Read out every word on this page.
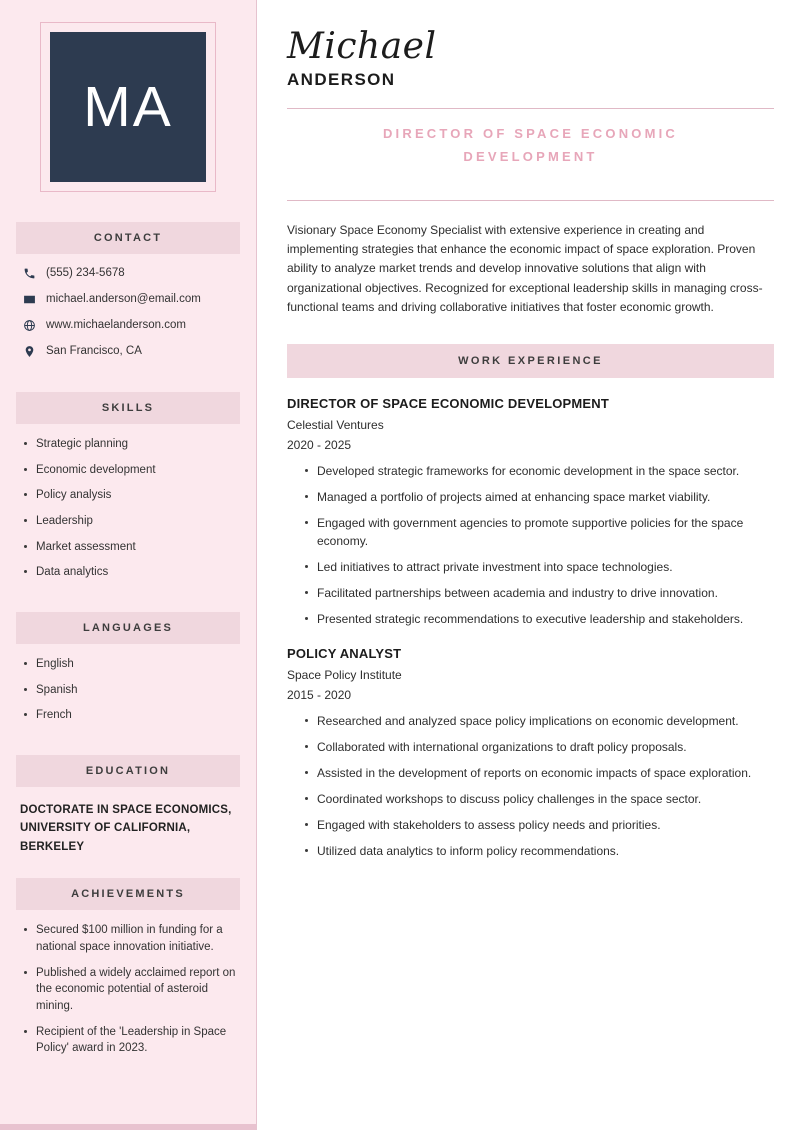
MA
CONTACT
(555) 234-5678
michael.anderson@email.com
www.michaelanderson.com
San Francisco, CA
SKILLS
Strategic planning
Economic development
Policy analysis
Leadership
Market assessment
Data analytics
LANGUAGES
English
Spanish
French
EDUCATION
DOCTORATE IN SPACE ECONOMICS, UNIVERSITY OF CALIFORNIA, BERKELEY
ACHIEVEMENTS
Secured $100 million in funding for a national space innovation initiative.
Published a widely acclaimed report on the economic potential of asteroid mining.
Recipient of the 'Leadership in Space Policy' award in 2023.
Michael
ANDERSON
DIRECTOR OF SPACE ECONOMIC DEVELOPMENT

Visionary Space Economy Specialist with extensive experience in creating and implementing strategies that enhance the economic impact of space exploration. Proven ability to analyze market trends and develop innovative solutions that align with organizational objectives. Recognized for exceptional leadership skills in managing cross-functional teams and driving collaborative initiatives that foster economic growth.

WORK EXPERIENCE
DIRECTOR OF SPACE ECONOMIC DEVELOPMENT
Celestial Ventures
2020 - 2025
Developed strategic frameworks for economic development in the space sector.
Managed a portfolio of projects aimed at enhancing space market viability.
Engaged with government agencies to promote supportive policies for the space economy.
Led initiatives to attract private investment into space technologies.
Facilitated partnerships between academia and industry to drive innovation.
Presented strategic recommendations to executive leadership and stakeholders.
POLICY ANALYST
Space Policy Institute
2015 - 2020
Researched and analyzed space policy implications on economic development.
Collaborated with international organizations to draft policy proposals.
Assisted in the development of reports on economic impacts of space exploration.
Coordinated workshops to discuss policy challenges in the space sector.
Engaged with stakeholders to assess policy needs and priorities.
Utilized data analytics to inform policy recommendations.
